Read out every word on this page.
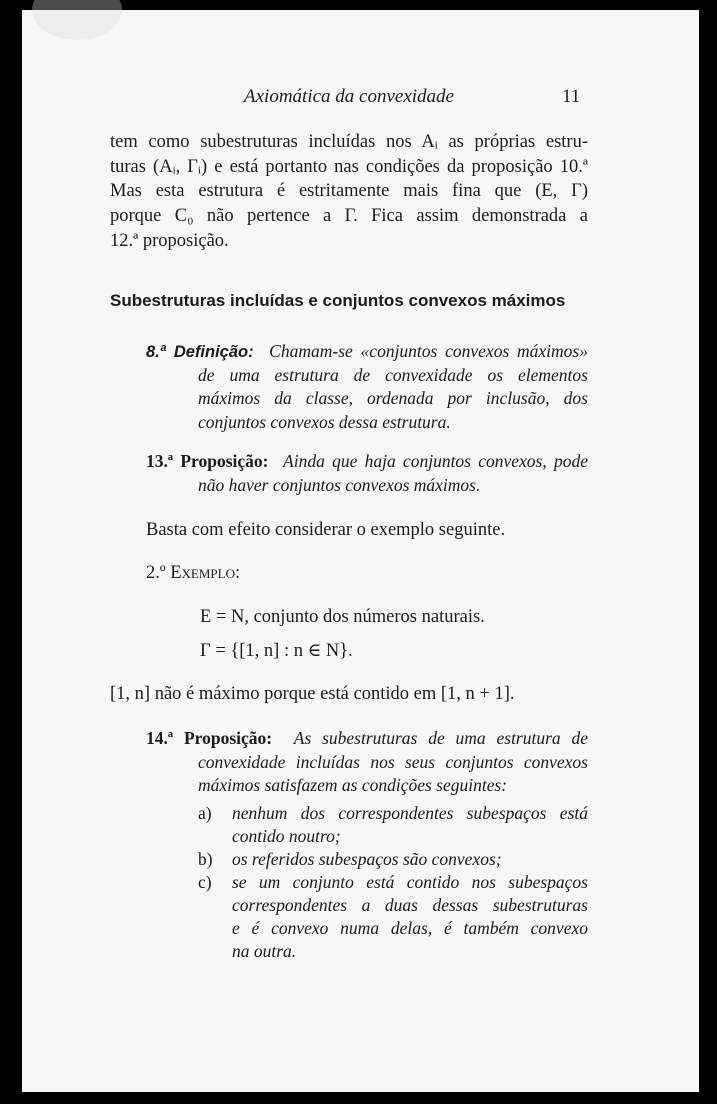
Axiomática da convexidade	11
tem como subestruturas incluídas nos Aᵢ as próprias estru-
turas (Aᵢ, Γᵢ) e está portanto nas condições da proposição 10.ª
Mas esta estrutura é estritamente mais fina que (E, Γ)
porque C₀ não pertence a Γ. Fica assim demonstrada a
12.ª proposição.
Subestruturas incluídas e conjuntos convexos máximos
8.ª Definição: Chamam-se «conjuntos convexos máximos»
de uma estrutura de convexidade os elementos
máximos da classe, ordenada por inclusão, dos
conjuntos convexos dessa estrutura.
13.ª Proposição: Ainda que haja conjuntos convexos, pode
não haver conjuntos convexos máximos.
Basta com efeito considerar o exemplo seguinte.
2.º Exemplo:
E = N, conjunto dos números naturais.
Γ = {[1, n] : n ∈ N}.
[1, n] não é máximo porque está contido em [1, n + 1].
14.ª Proposição: As subestruturas de uma estrutura de
convexidade incluídas nos seus conjuntos convexos
máximos satisfazem as condições seguintes:
a) nenhum dos correspondentes subespaços está
contido noutro;
b) os referidos subespaços são convexos;
c) se um conjunto está contido nos subespaços
correspondentes a duas dessas subestruturas
e é convexo numa delas, é também convexo
na outra.
